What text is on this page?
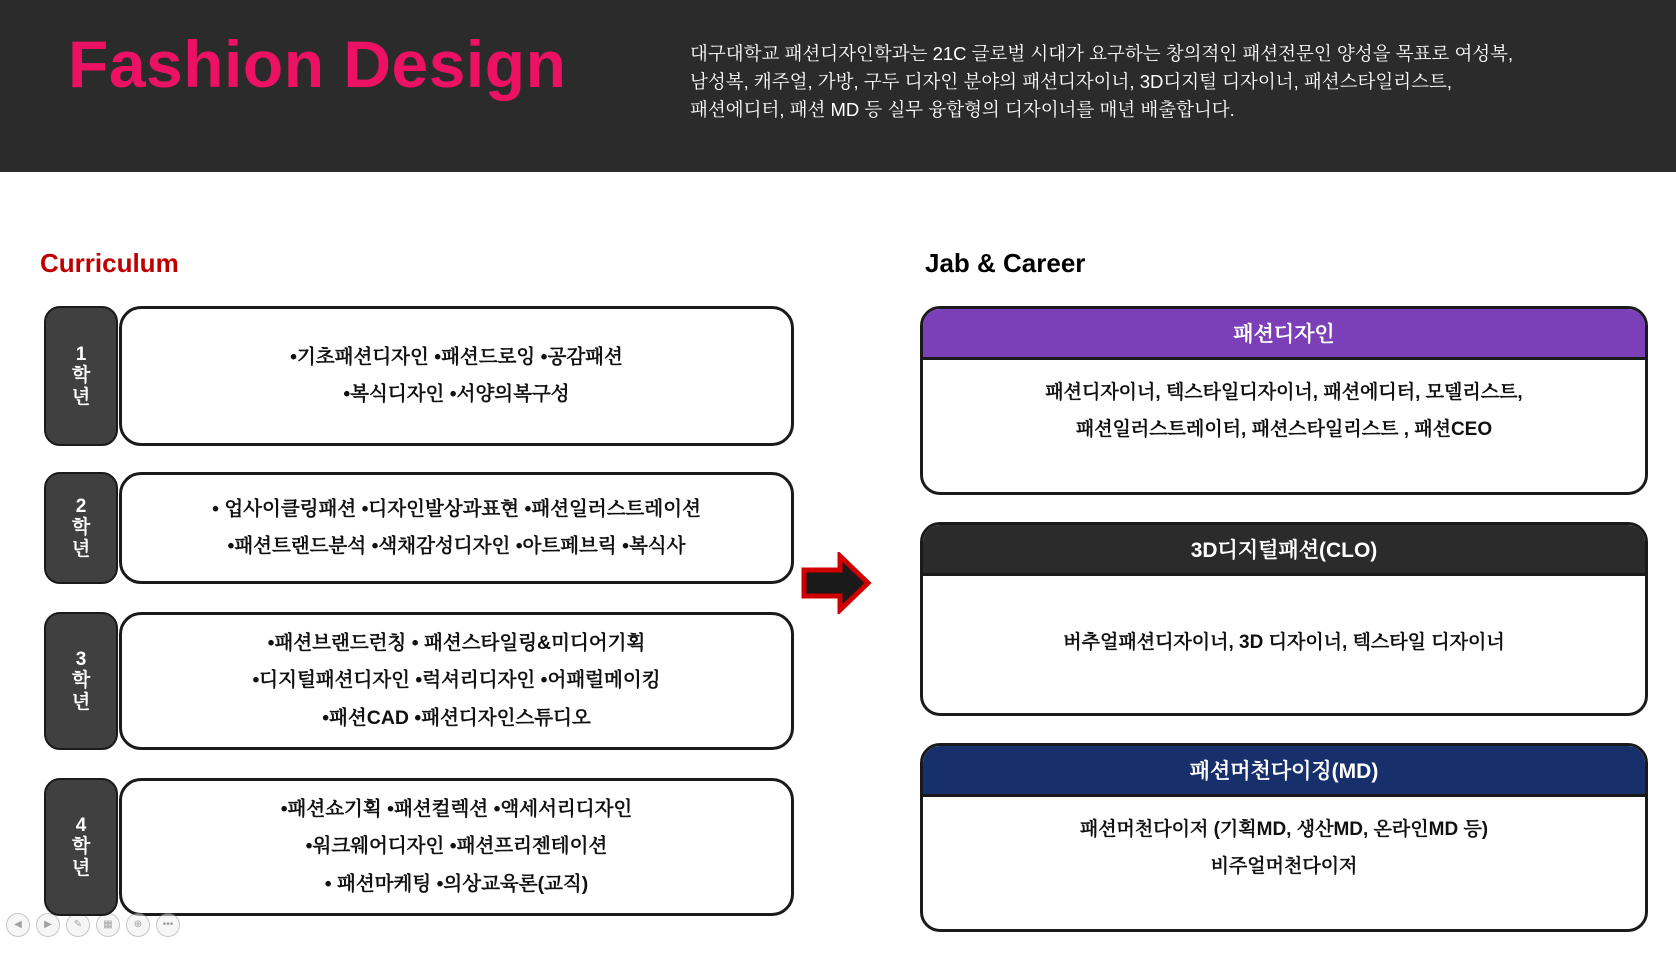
Fashion Design	대구대학교 패션디자인학과는 21C 글로벌 시대가 요구하는 창의적인 패션전문인 양성을 목표로 여성복,

남성복, 캐주얼, 가방, 구두 디자인 분야의 패션디자이너, 3D디지털 디자이너, 패션스타일리스트,

패션에디터, 패션 MD 등 실무 융합형의 디자이너를 매년 배출합니다.

Curriculum	Jab & Career
1
학
년
•기초패션디자인 •패션드로잉 •공감패션
•복식디자인 •서양의복구성
2
학
년
• 업사이클링패션 •디자인발상과표현 •패션일러스트레이션
•패션트랜드분석 •색채감성디자인 •아트페브릭 •복식사
3
학
년
•패션브랜드런칭 • 패션스타일링&미디어기획
•디지털패션디자인 •럭셔리디자인 •어패럴메이킹
•패션CAD •패션디자인스튜디오
4
학
년
•패션쇼기획 •패션컬렉션 •액세서리디자인
•워크웨어디자인 •패션프리젠테이션
• 패션마케팅 •의상교육론(교직)
패션디자인
패션디자이너, 텍스타일디자이너, 패션에디터, 모델리스트,
패션일러스트레이터, 패션스타일리스트 , 패션CEO
3D디지털패션(CLO)
버추얼패션디자이너, 3D 디자이너, 텍스타일 디자이너
패션머천다이징(MD)
패션머천다이저 (기획MD, 생산MD, 온라인MD 등)
비주얼머천다이저
◀ ▶ ✎ ▦ ⊕ •••
